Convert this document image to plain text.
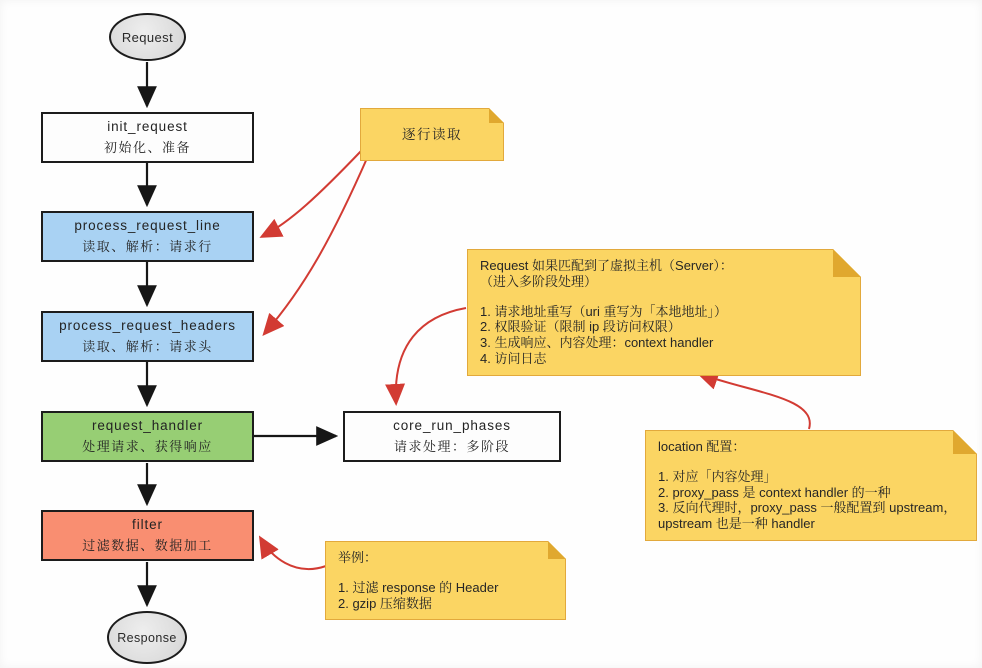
Request
Response
init_request
初始化、准备
process_request_line
读取、解析：请求行
process_request_headers
读取、解析：请求头
request_handler
处理请求、获得响应
core_run_phases
请求处理：多阶段
filter
过滤数据、数据加工
逐行读取
Request 如果匹配到了虚拟主机（Server）：
（进入多阶段处理）
1. 请求地址重写（uri 重写为「本地地址」）
2. 权限验证（限制 ip 段访问权限）
3. 生成响应、内容处理：context handler
4. 访问日志
location 配置：
1. 对应「内容处理」
2. proxy_pass 是 context handler 的一种
3. 反向代理时，proxy_pass 一般配置到 upstream，upstream 也是一种 handler
举例：
1. 过滤 response 的 Header
2. gzip 压缩数据
